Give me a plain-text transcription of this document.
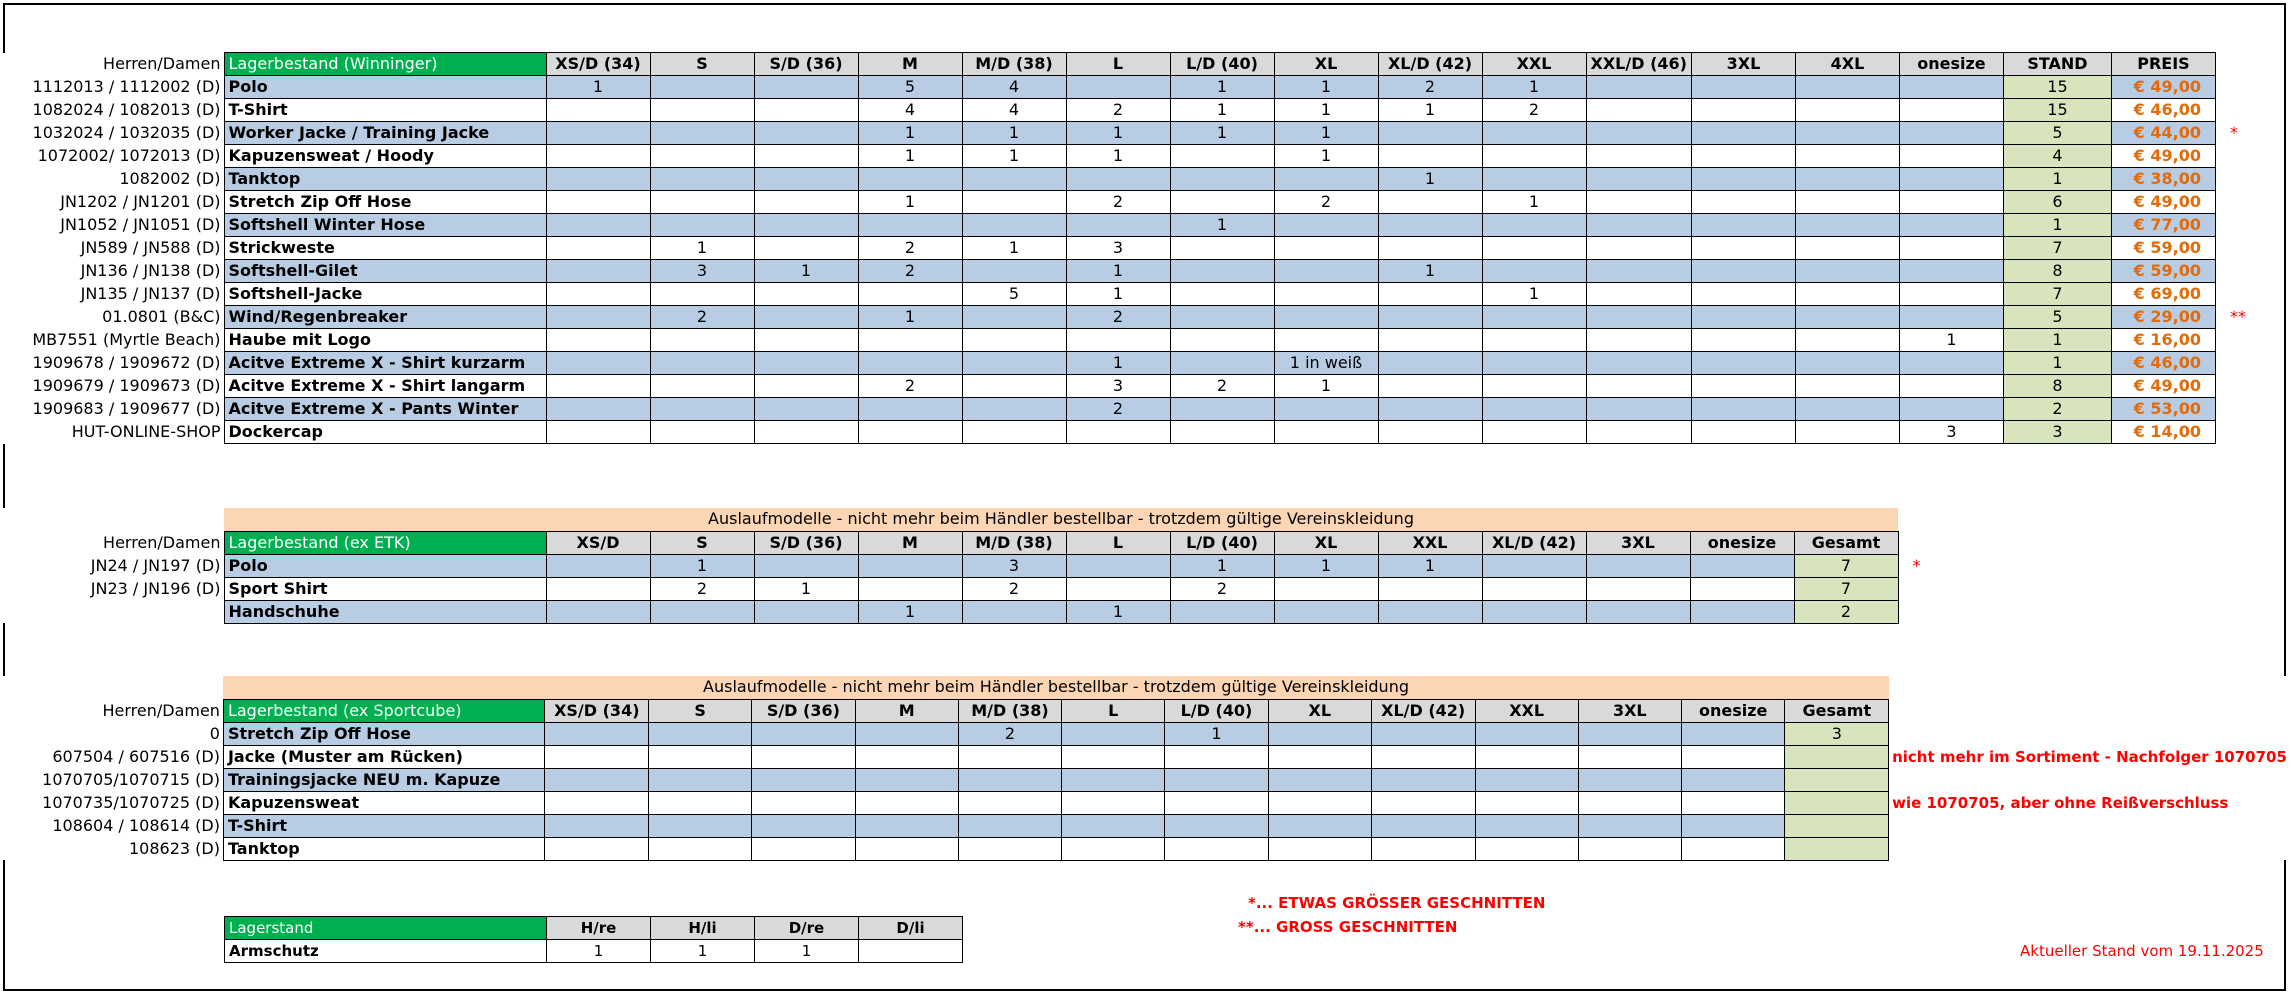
Herren/Damen	Lagerbestand (Winninger)	XS/D (34)	S	S/D (36)	M	M/D (38)	L	L/D (40)	XL	XL/D (42)	XXL	XXL/D (46)	3XL	4XL	onesize	STAND	PREIS	
1112013 / 1112002 (D)	Polo	1			5	4		1	1	2	1					15	€ 49,00	
1082024 / 1082013 (D)	T-Shirt				4	4	2	1	1	1	2					15	€ 46,00	
1032024 / 1032035 (D)	Worker Jacke / Training Jacke				1	1	1	1	1							5	€ 44,00	*
1072002/ 1072013 (D)	Kapuzensweat / Hoody				1	1	1		1							4	€ 49,00	
1082002 (D)	Tanktop									1						1	€ 38,00	
JN1202 / JN1201 (D)	Stretch Zip Off Hose				1		2		2		1					6	€ 49,00	
JN1052 / JN1051 (D)	Softshell Winter Hose							1								1	€ 77,00	
JN589 / JN588 (D)	Strickweste		1		2	1	3									7	€ 59,00	
JN136 / JN138 (D)	Softshell-Gilet		3	1	2		1			1						8	€ 59,00	
JN135 / JN137 (D)	Softshell-Jacke					5	1				1					7	€ 69,00	
01.0801 (B&C)	Wind/Regenbreaker		2		1		2									5	€ 29,00	**
MB7551 (Myrtle Beach)	Haube mit Logo														1	1	€ 16,00	
1909678 / 1909672 (D)	Acitve Extreme X - Shirt kurzarm						1		1 in weiß							1	€ 46,00	
1909679 / 1909673 (D)	Acitve Extreme X - Shirt langarm				2		3	2	1							8	€ 49,00	
1909683 / 1909677 (D)	Acitve Extreme X - Pants Winter						2									2	€ 53,00	
HUT-ONLINE-SHOP	Dockercap														3	3	€ 14,00	
	Auslaufmodelle - nicht mehr beim Händler bestellbar - trotzdem gültige Vereinskleidung														
Herren/Damen	Lagerbestand (ex ETK)	XS/D	S	S/D (36)	M	M/D (38)	L	L/D (40)	XL	XXL	XL/D (42)	3XL	onesize	Gesamt	
JN24 / JN197 (D)	Polo		1			3		1	1	1				7	*
JN23 / JN196 (D)	Sport Shirt		2	1		2		2						7	
	Handschuhe				1		1							2	
	Auslaufmodelle - nicht mehr beim Händler bestellbar - trotzdem gültige Vereinskleidung														
Herren/Damen	Lagerbestand (ex Sportcube)	XS/D (34)	S	S/D (36)	M	M/D (38)	L	L/D (40)	XL	XL/D (42)	XXL	3XL	onesize	Gesamt	
0	Stretch Zip Off Hose					2		1						3	
607504 / 607516 (D)	Jacke (Muster am Rücken)														nicht mehr im Sortiment - Nachfolger 1070705
1070705/1070715 (D)	Trainingsjacke NEU m. Kapuze														
1070735/1070725 (D)	Kapuzensweat														wie 1070705, aber ohne Reißverschluss
108604 / 108614 (D)	T-Shirt														
108623 (D)	Tanktop														
Lagerstand	H/re	H/li	D/re	D/li
Armschutz	1	1	1	
*... ETWAS GRÖSSER GESCHNITTEN
**... GROSS GESCHNITTEN
Aktueller Stand vom 19.11.2025
